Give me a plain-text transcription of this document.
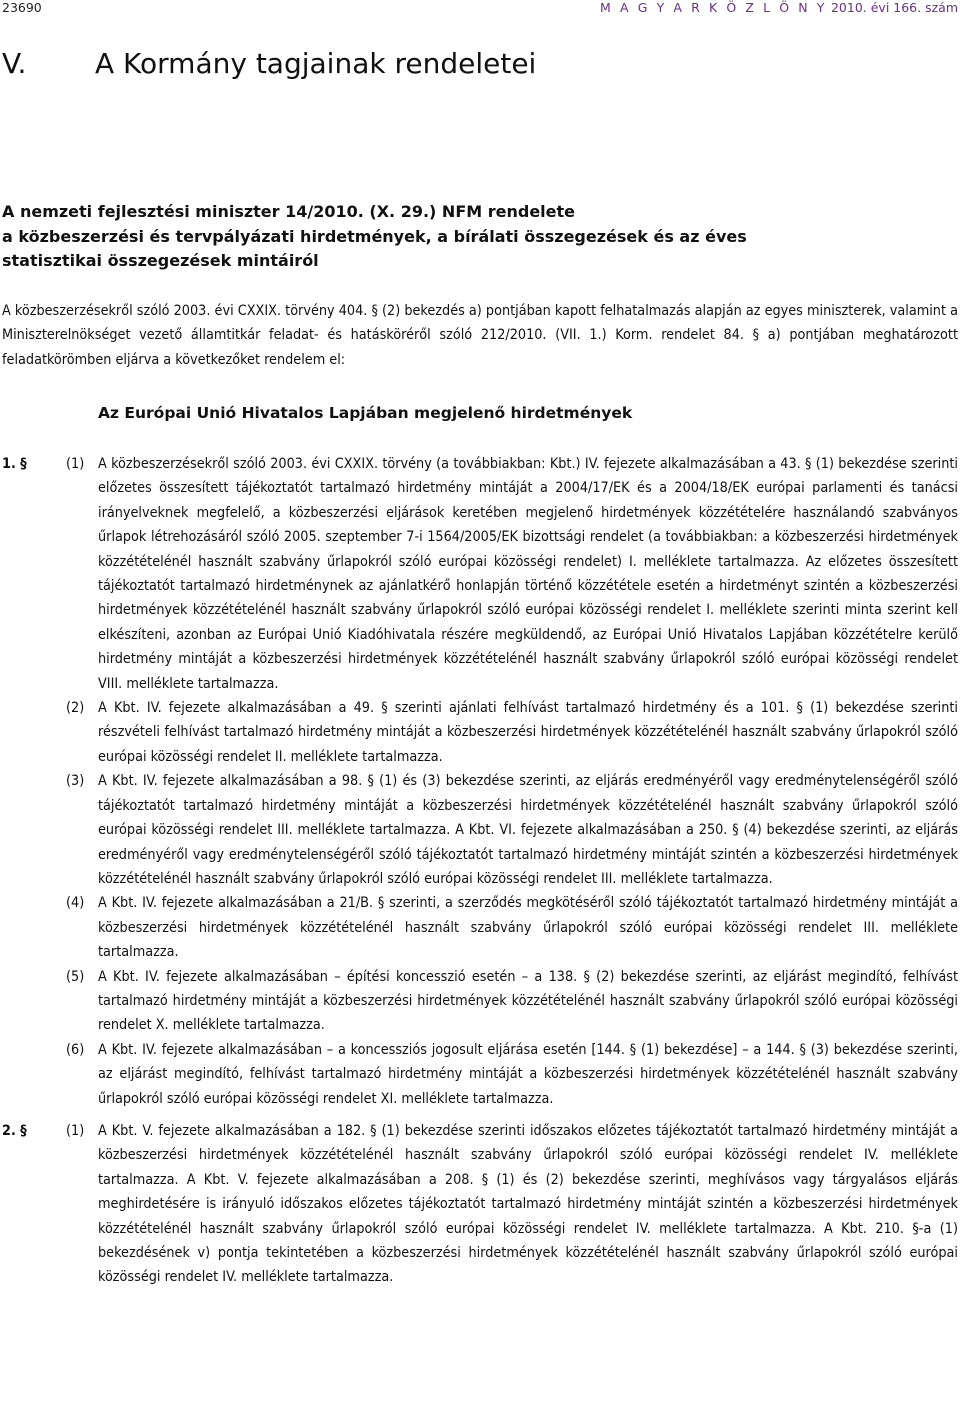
23690	M A G Y A R K Ö Z L Ö N Y 2010. évi 166. szám
V. A Kormány tagjainak rendeletei
A nemzeti fejlesztési miniszter 14/2010. (X. 29.) NFM rendelete
a közbeszerzési és tervpályázati hirdetmények, a bírálati összegezések és az éves
statisztikai összegezések mintáiról

A közbeszerzésekről szóló 2003. évi CXXIX. törvény 404. § (2) bekezdés a) pontjában kapott felhatalmazás alapján az egyes miniszterek, valamint a Miniszterelnökséget vezető államtitkár feladat- és hatásköréről szóló 212/2010. (VII. 1.) Korm. rendelet 84. § a) pontjában meghatározott feladatkörömben eljárva a következőket rendelem el:

Az Európai Unió Hivatalos Lapjában megjelenő hirdetmények
1. §	(1) A közbeszerzésekről szóló 2003. évi CXXIX. törvény (a továbbiakban: Kbt.) IV. fejezete alkalmazásában a 43. § (1) bekezdése szerinti előzetes összesített tájékoztatót tartalmazó hirdetmény mintáját a 2004/17/EK és a 2004/18/EK európai parlamenti és tanácsi irányelveknek megfelelő, a közbeszerzési eljárások keretében megjelenő hirdetmények közzétételére használandó szabványos űrlapok létrehozásáról szóló 2005. szeptember 7-i 1564/2005/EK bizottsági rendelet (a továbbiakban: a közbeszerzési hirdetmények közzétételénél használt szabvány űrlapokról szóló európai közösségi rendelet) I. melléklete tartalmazza. Az előzetes összesített tájékoztatót tartalmazó hirdetménynek az ajánlatkérő honlapján történő közzététele esetén a hirdetményt szintén a közbeszerzési hirdetmények közzétételénél használt szabvány űrlapokról szóló európai közösségi rendelet I. melléklete szerinti minta szerint kell elkészíteni, azonban az Európai Unió Kiadóhivatala részére megküldendő, az Európai Unió Hivatalos Lapjában közzétételre kerülő hirdetmény mintáját a közbeszerzési hirdetmények közzétételénél használt szabvány űrlapokról szóló európai közösségi rendelet VIII. melléklete tartalmazza.

(2) A Kbt. IV. fejezete alkalmazásában a 49. § szerinti ajánlati felhívást tartalmazó hirdetmény és a 101. § (1) bekezdése szerinti részvételi felhívást tartalmazó hirdetmény mintáját a közbeszerzési hirdetmények közzétételénél használt szabvány űrlapokról szóló európai közösségi rendelet II. melléklete tartalmazza.

(3) A Kbt. IV. fejezete alkalmazásában a 98. § (1) és (3) bekezdése szerinti, az eljárás eredményéről vagy eredménytelenségéről szóló tájékoztatót tartalmazó hirdetmény mintáját a közbeszerzési hirdetmények közzétételénél használt szabvány űrlapokról szóló európai közösségi rendelet III. melléklete tartalmazza. A Kbt. VI. fejezete alkalmazásában a 250. § (4) bekezdése szerinti, az eljárás eredményéről vagy eredménytelenségéről szóló tájékoztatót tartalmazó hirdetmény mintáját szintén a közbeszerzési hirdetmények közzétételénél használt szabvány űrlapokról szóló európai közösségi rendelet III. melléklete tartalmazza.

(4) A Kbt. IV. fejezete alkalmazásában a 21/B. § szerinti, a szerződés megkötéséről szóló tájékoztatót tartalmazó hirdetmény mintáját a közbeszerzési hirdetmények közzétételénél használt szabvány űrlapokról szóló európai közösségi rendelet III. melléklete tartalmazza.

(5) A Kbt. IV. fejezete alkalmazásában – építési koncesszió esetén – a 138. § (2) bekezdése szerinti, az eljárást megindító, felhívást tartalmazó hirdetmény mintáját a közbeszerzési hirdetmények közzétételénél használt szabvány űrlapokról szóló európai közösségi rendelet X. melléklete tartalmazza.

(6) A Kbt. IV. fejezete alkalmazásában – a koncessziós jogosult eljárása esetén [144. § (1) bekezdése] – a 144. § (3) bekezdése szerinti, az eljárást megindító, felhívást tartalmazó hirdetmény mintáját a közbeszerzési hirdetmények közzétételénél használt szabvány űrlapokról szóló európai közösségi rendelet XI. melléklete tartalmazza.

2. §	(1) A Kbt. V. fejezete alkalmazásában a 182. § (1) bekezdése szerinti időszakos előzetes tájékoztatót tartalmazó hirdetmény mintáját a közbeszerzési hirdetmények közzétételénél használt szabvány űrlapokról szóló európai közösségi rendelet IV. melléklete tartalmazza. A Kbt. V. fejezete alkalmazásában a 208. § (1) és (2) bekezdése szerinti, meghívásos vagy tárgyalásos eljárás meghirdetésére is irányuló időszakos előzetes tájékoztatót tartalmazó hirdetmény mintáját szintén a közbeszerzési hirdetmények közzétételénél használt szabvány űrlapokról szóló európai közösségi rendelet IV. melléklete tartalmazza. A Kbt. 210. §-a (1) bekezdésének v) pontja tekintetében a közbeszerzési hirdetmények közzétételénél használt szabvány űrlapokról szóló európai közösségi rendelet IV. melléklete tartalmazza.
